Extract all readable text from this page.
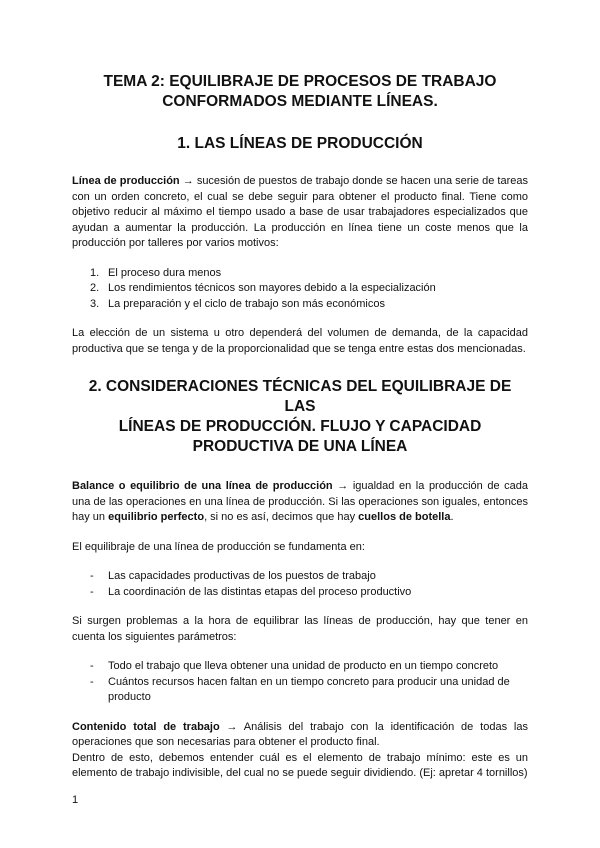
TEMA 2: EQUILIBRAJE DE PROCESOS DE TRABAJO
CONFORMADOS MEDIANTE LÍNEAS.
1. LAS LÍNEAS DE PRODUCCIÓN

Línea de producción → sucesión de puestos de trabajo donde se hacen una serie de tareas con un orden concreto, el cual se debe seguir para obtener el producto final. Tiene como objetivo reducir al máximo el tiempo usado a base de usar trabajadores especializados que ayudan a aumentar la producción. La producción en línea tiene un coste menos que la producción por talleres por varios motivos:

1. El proceso dura menos
2. Los rendimientos técnicos son mayores debido a la especialización
3. La preparación y el ciclo de trabajo son más económicos

La elección de un sistema u otro dependerá del volumen de demanda, de la capacidad productiva que se tenga y de la proporcionalidad que se tenga entre estas dos mencionadas.

2. CONSIDERACIONES TÉCNICAS DEL EQUILIBRAJE DE LAS
LÍNEAS DE PRODUCCIÓN. FLUJO Y CAPACIDAD
PRODUCTIVA DE UNA LÍNEA

Balance o equilibrio de una línea de producción → igualdad en la producción de cada una de las operaciones en una línea de producción. Si las operaciones son iguales, entonces hay un equilibrio perfecto, si no es así, decimos que hay cuellos de botella.

El equilibraje de una línea de producción se fundamenta en:

- Las capacidades productivas de los puestos de trabajo
- La coordinación de las distintas etapas del proceso productivo

Si surgen problemas a la hora de equilibrar las líneas de producción, hay que tener en cuenta los siguientes parámetros:

- Todo el trabajo que lleva obtener una unidad de producto en un tiempo concreto
- Cuántos recursos hacen faltan en un tiempo concreto para producir una unidad de producto

Contenido total de trabajo → Análisis del trabajo con la identificación de todas las operaciones que son necesarias para obtener el producto final.

Dentro de esto, debemos entender cuál es el elemento de trabajo mínimo: este es un elemento de trabajo indivisible, del cual no se puede seguir dividiendo. (Ej: apretar 4 tornillos)

1
